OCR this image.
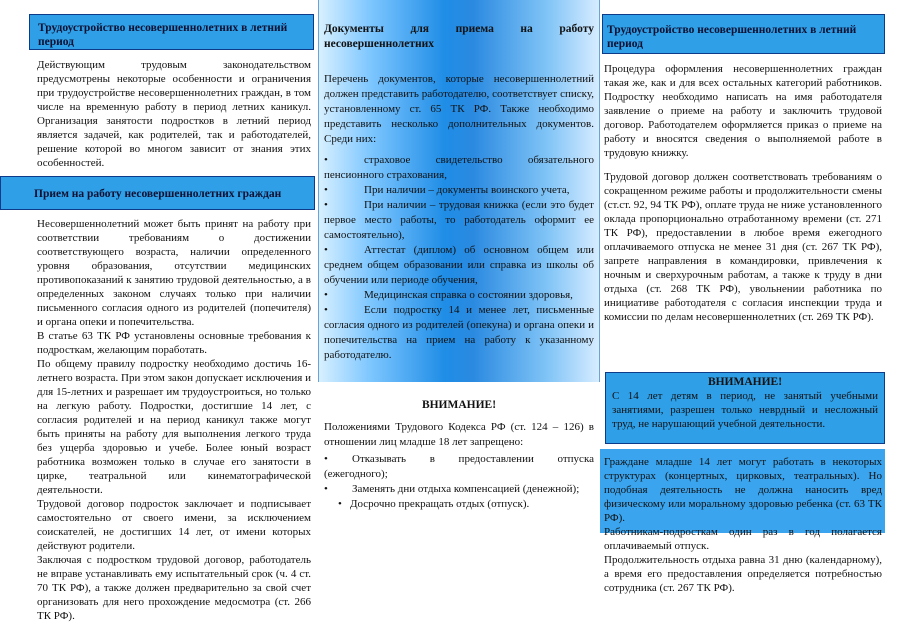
Трудоустройство несовершеннолетних в летний период

Действующим трудовым законодательством предусмотрены некоторые особенности и ограничения при трудоустройстве несовершеннолетних граждан, в том числе на временную работу в период летних каникул. Организация занятости подростков в летний период является задачей, как родителей, так и работодателей, решение которой во многом зависит от знания этих особенностей.

Прием на работу несовершеннолетних граждан

Несовершеннолетний может быть принят на работу при соответствии требованиям о достижении соответствующего возраста, наличии определенного уровня образования, отсутствии медицинских противопоказаний к занятию трудовой деятельностью, а в определенных законом случаях только при наличии письменного согласия одного из родителей (попечителя) и органа опеки и попечительства.

В статье 63 ТК РФ установлены основные требования к подросткам, желающим поработать.

По общему правилу подростку необходимо достичь 16-летнего возраста. При этом закон допускает исключения и для 15-летних и разрешает им трудоустроиться, но только на легкую работу. Подростки, достигшие 14 лет, с согласия родителей и на период каникул также могут быть приняты на работу для выполнения легкого труда без ущерба здоровью и учебе. Более юный возраст работника возможен только в случае его занятости в цирке, театральной или кинематографической деятельности.

Трудовой договор подросток заключает и подписывает самостоятельно от своего имени, за исключением соискателей, не достигших 14 лет, от имени которых действуют родители.

Заключая с подростком трудовой договор, работодатель не вправе устанавливать ему испытательный срок (ч. 4 ст. 70 ТК РФ), а также должен предварительно за свой счет организовать для него прохождение медосмотра (ст. 266 ТК РФ).

Документы для приема на работу несовершеннолетних

Перечень документов, которые несовершеннолетний должен представить работодателю, соответствует списку, установленному ст. 65 ТК РФ. Также необходимо представить несколько дополнительных документов. Среди них:

•	страховое свидетельство обязательного пенсионного страхования,
•	При наличии – документы воинского учета,
•	При наличии – трудовая книжка (если это будет первое место работы, то работодатель оформит ее самостоятельно),
•	Аттестат (диплом) об основном общем или среднем общем образовании или справка из школы об обучении или периоде обучения,
•	Медицинская справка о состоянии здоровья,
•	Если подростку 14 и менее лет, письменные согласия одного из родителей (опекуна) и органа опеки и попечительства на прием на работу к указанному работодателю.

ВНИМАНИЕ!

Положениями Трудового Кодекса РФ (ст. 124 – 126) в отношении лиц младше 18 лет запрещено:

• Отказывать в предоставлении отпуска (ежегодного);
• Заменять дни отдыха компенсацией (денежной);
• Досрочно прекращать отдых (отпуск).
Трудоустройство несовершеннолетних в летний период

Процедура оформления несовершеннолетних граждан такая же, как и для всех остальных категорий работников. Подростку необходимо написать на имя работодателя заявление о приеме на работу и заключить трудовой договор. Работодателем оформляется приказ о приеме на работу и вносятся сведения о выполняемой работе в трудовую книжку.

Трудовой договор должен соответствовать требованиям о сокращенном режиме работы и продолжительности смены (ст.ст. 92, 94 ТК РФ), оплате труда не ниже установленного оклада пропорционально отработанному времени (ст. 271 ТК РФ), предоставлении в любое время ежегодного оплачиваемого отпуска не менее 31 дня (ст. 267 ТК РФ), запрете направления в командировки, привлечения к ночным и сверхурочным работам, а также к труду в дни отдыха (ст. 268 ТК РФ), увольнении работника по инициативе работодателя с согласия инспекции труда и комиссии по делам несовершеннолетних (ст. 269 ТК РФ).

ВНИМАНИЕ!

С 14 лет детям в период, не занятый учебными занятиями, разрешен только неврдный и несложный труд, не нарушающий учебной деятельности.

Граждане младше 14 лет могут работать в некоторых структурах (концертных, цирковых, театральных). Но подобная деятельность не должна наносить вред физическому или моральному здоровью ребенка (ст. 63 ТК РФ).

Работникам-подросткам один раз в год полагается оплачиваемый отпуск.

Продолжительность отдыха равна 31 дню (календарному), а время его предоставления определяется потребностью сотрудника (ст. 267 ТК РФ).
